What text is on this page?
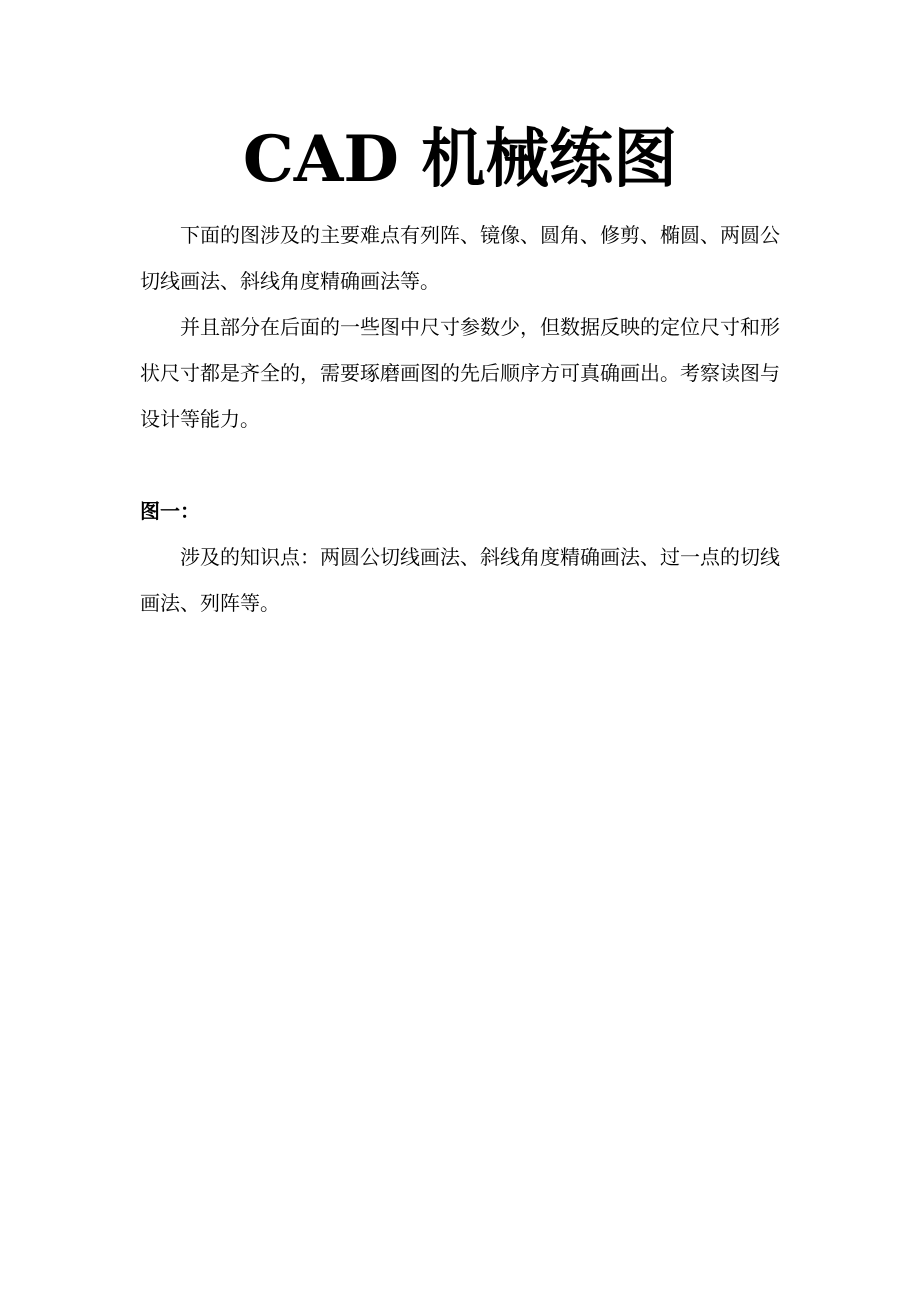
CAD 机械练图

下面的图涉及的主要难点有列阵、镜像、圆角、修剪、椭圆、两圆公切线画法、斜线角度精确画法等。

并且部分在后面的一些图中尺寸参数少，但数据反映的定位尺寸和形状尺寸都是齐全的，需要琢磨画图的先后顺序方可真确画出。考察读图与设计等能力。

图一：

涉及的知识点：两圆公切线画法、斜线角度精确画法、过一点的切线画法、列阵等。
